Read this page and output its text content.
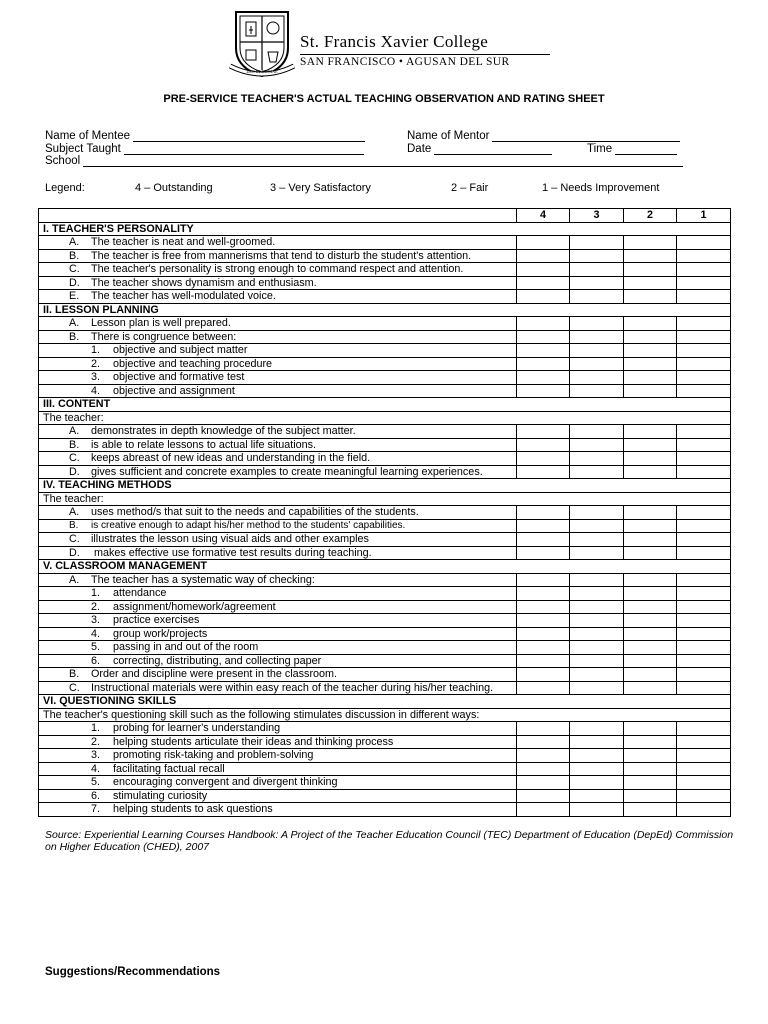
DEO ET PATRIAE
St. Francis Xavier College
SAN FRANCISCO • AGUSAN DEL SUR
PRE-SERVICE TEACHER'S ACTUAL TEACHING OBSERVATION AND RATING SHEET
Name of Mentee	Name of Mentor
Subject Taught	Date	Time
School
Legend:	4 – Outstanding	3 – Very Satisfactory	2 – Fair	1 – Needs Improvement
	4	3	2	1
I. TEACHER'S PERSONALITY				
A. The teacher is neat and well-groomed.				
B. The teacher is free from mannerisms that tend to disturb the student's attention.				
C. The teacher's personality is strong enough to command respect and attention.				
D. The teacher shows dynamism and enthusiasm.				
E. The teacher has well-modulated voice.				
II. LESSON PLANNING				
A. Lesson plan is well prepared.				
B. There is congruence between:				
1. objective and subject matter				
2. objective and teaching procedure				
3. objective and formative test				
4. objective and assignment				
III. CONTENT				
The teacher:				
A. demonstrates in depth knowledge of the subject matter.				
B. is able to relate lessons to actual life situations.				
C. keeps abreast of new ideas and understanding in the field.				
D. gives sufficient and concrete examples to create meaningful learning experiences.				
IV. TEACHING METHODS				
The teacher:				
A. uses method/s that suit to the needs and capabilities of the students.				
B. is creative enough to adapt his/her method to the students' capabilities.				
C. illustrates the lesson using visual aids and other examples				
D. makes effective use formative test results during teaching.				
V. CLASSROOM MANAGEMENT				
A. The teacher has a systematic way of checking:				
1. attendance				
2. assignment/homework/agreement				
3. practice exercises				
4. group work/projects				
5. passing in and out of the room				
6. correcting, distributing, and collecting paper				
B. Order and discipline were present in the classroom.				
C. Instructional materials were within easy reach of the teacher during his/her teaching.				
VI. QUESTIONING SKILLS				
The teacher's questioning skill such as the following stimulates discussion in different ways:				
1. probing for learner's understanding				
2. helping students articulate their ideas and thinking process				
3. promoting risk-taking and problem-solving				
4. facilitating factual recall				
5. encouraging convergent and divergent thinking				
6. stimulating curiosity				
7. helping students to ask questions				
Source: Experiential Learning Courses Handbook: A Project of the Teacher Education Council (TEC) Department of Education (DepEd) Commission on Higher Education (CHED), 2007
Suggestions/Recommendations
